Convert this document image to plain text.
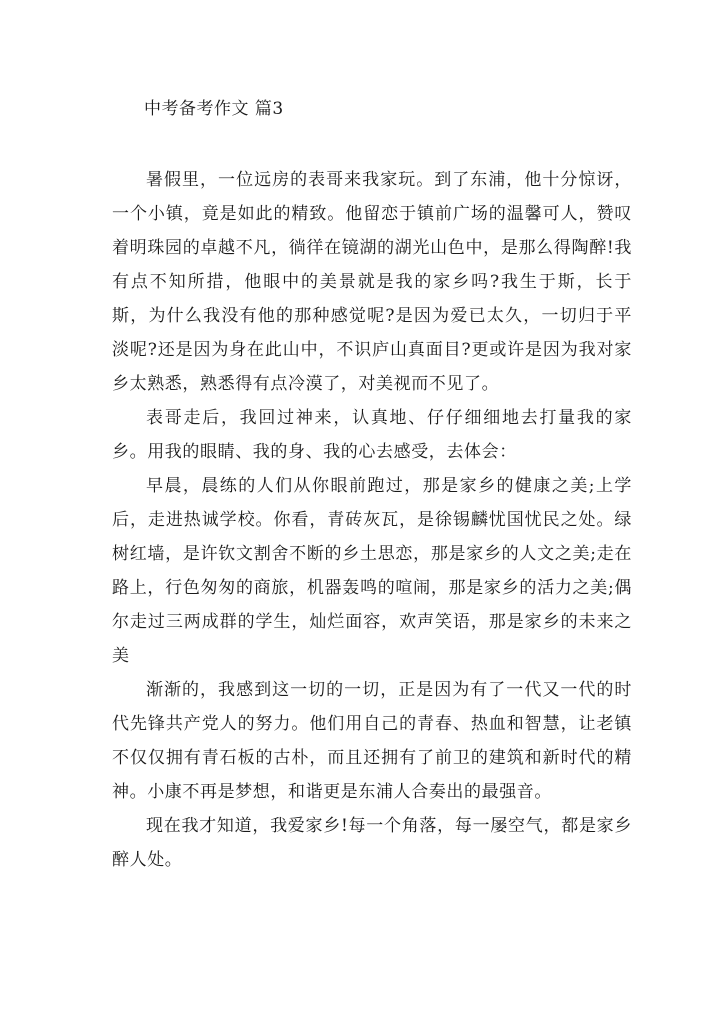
中考备考作文 篇3

暑假里，一位远房的表哥来我家玩。到了东浦，他十分惊讶，一个小镇，竟是如此的精致。他留恋于镇前广场的温馨可人，赞叹着明珠园的卓越不凡，徜徉在镜湖的湖光山色中，是那么得陶醉!我有点不知所措，他眼中的美景就是我的家乡吗?我生于斯，长于斯，为什么我没有他的那种感觉呢?是因为爱已太久，一切归于平淡呢?还是因为身在此山中，不识庐山真面目?更或许是因为我对家乡太熟悉，熟悉得有点冷漠了，对美视而不见了。

表哥走后，我回过神来，认真地、仔仔细细地去打量我的家乡。用我的眼睛、我的身、我的心去感受，去体会：

早晨，晨练的人们从你眼前跑过，那是家乡的健康之美;上学后，走进热诚学校。你看，青砖灰瓦，是徐锡麟忧国忧民之处。绿树红墙，是许钦文割舍不断的乡土思恋，那是家乡的人文之美;走在路上，行色匆匆的商旅，机器轰鸣的喧闹，那是家乡的活力之美;偶尔走过三两成群的学生，灿烂面容，欢声笑语，那是家乡的未来之美

渐渐的，我感到这一切的一切，正是因为有了一代又一代的时代先锋共产党人的努力。他们用自己的青春、热血和智慧，让老镇不仅仅拥有青石板的古朴，而且还拥有了前卫的建筑和新时代的精神。小康不再是梦想，和谐更是东浦人合奏出的最强音。

现在我才知道，我爱家乡!每一个角落，每一屡空气，都是家乡醉人处。
